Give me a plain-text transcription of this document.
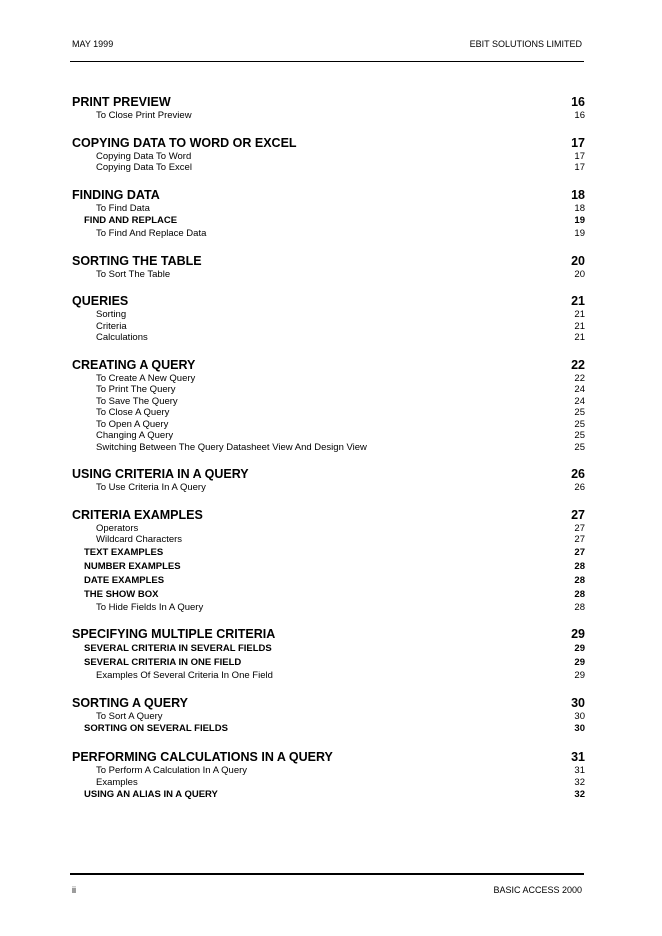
MAY 1999	EBIT SOLUTIONS LIMITED
PRINT PREVIEW	16
To Close Print Preview	16
COPYING DATA TO WORD OR EXCEL	17
Copying Data To Word	17
Copying Data To Excel	17
FINDING DATA	18
To Find Data	18
FIND AND REPLACE	19
To Find And Replace Data	19
SORTING THE TABLE	20
To Sort The Table	20
QUERIES	21
Sorting	21
Criteria	21
Calculations	21
CREATING A QUERY	22
To Create A New Query	22
To Print The Query	24
To Save The Query	24
To Close A Query	25
To Open A Query	25
Changing A Query	25
Switching Between The Query Datasheet View And Design View	25
USING CRITERIA IN A QUERY	26
To Use Criteria In A Query	26
CRITERIA EXAMPLES	27
Operators	27
Wildcard Characters	27
TEXT EXAMPLES	27
NUMBER EXAMPLES	28
DATE EXAMPLES	28
THE SHOW BOX	28
To Hide Fields In A Query	28
SPECIFYING MULTIPLE CRITERIA	29
SEVERAL CRITERIA IN SEVERAL FIELDS	29
SEVERAL CRITERIA IN ONE FIELD	29
Examples Of Several Criteria In One Field	29
SORTING A QUERY	30
To Sort A Query	30
SORTING ON SEVERAL FIELDS	30
PERFORMING CALCULATIONS IN A QUERY	31
To Perform A Calculation In A Query	31
Examples	32
USING AN ALIAS IN A QUERY	32
ii	BASIC ACCESS 2000
